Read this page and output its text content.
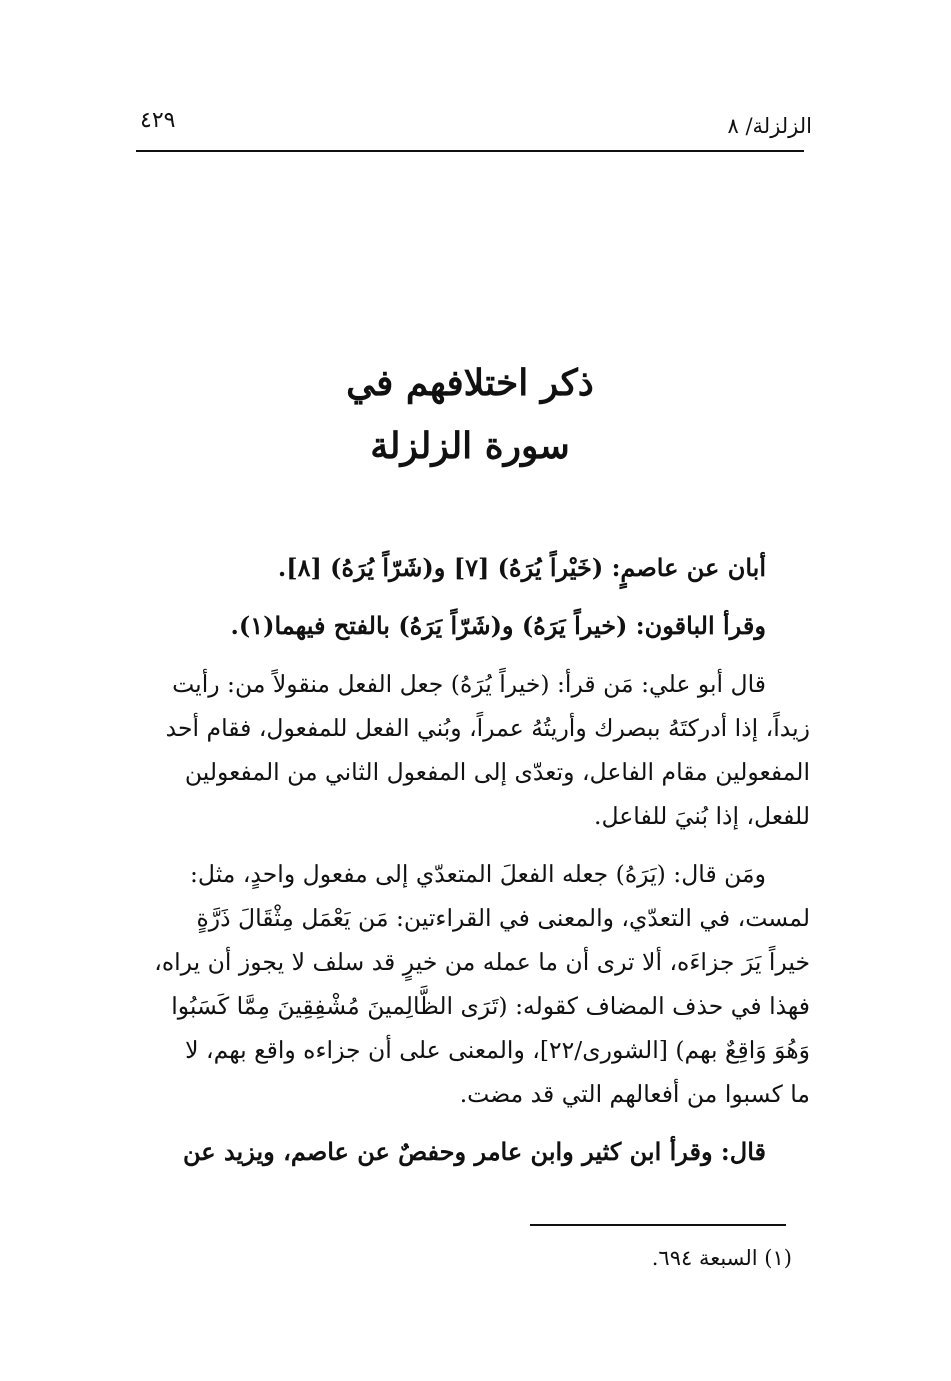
الزلزلة/ ٨
٤٢٩
ذكر اختلافهم في
سورة الزلزلة

أبان عن عاصمٍ: (خَيْراً يُرَهُ) [٧] و(شَرّاً يُرَهُ) [٨].

وقرأ الباقون: (خيراً يَرَهُ) و(شَرّاً يَرَهُ) بالفتح فيهما(١).

قال أبو علي: مَن قرأ: (خيراً يُرَهُ) جعل الفعل منقولاً من: رأيت
زيداً، إذا أدركتَهُ ببصرك وأريتُهُ عمراً، وبُني الفعل للمفعول، فقام أحد
المفعولين مقام الفاعل، وتعدّى إلى المفعول الثاني من المفعولين
للفعل، إذا بُنيَ للفاعل.

ومَن قال: (يَرَهُ) جعله الفعلَ المتعدّي إلى مفعول واحدٍ، مثل:
لمست، في التعدّي، والمعنى في القراءتين: مَن يَعْمَل مِثْقَالَ ذَرَّةٍ
خيراً يَرَ جزاءَه، ألا ترى أن ما عمله من خيرٍ قد سلف لا يجوز أن يراه،
فهذا في حذف المضاف كقوله: (تَرَى الظَّالِمينَ مُشْفِقِينَ مِمَّا كَسَبُوا
وَهُوَ وَاقِعٌ بهم) [الشورى/٢٢]، والمعنى على أن جزاءه واقع بهم، لا
ما كسبوا من أفعالهم التي قد مضت.

قال: وقرأ ابن كثير وابن عامر وحفصٌ عن عاصم، ويزيد عن

(١) السبعة ٦٩٤.
